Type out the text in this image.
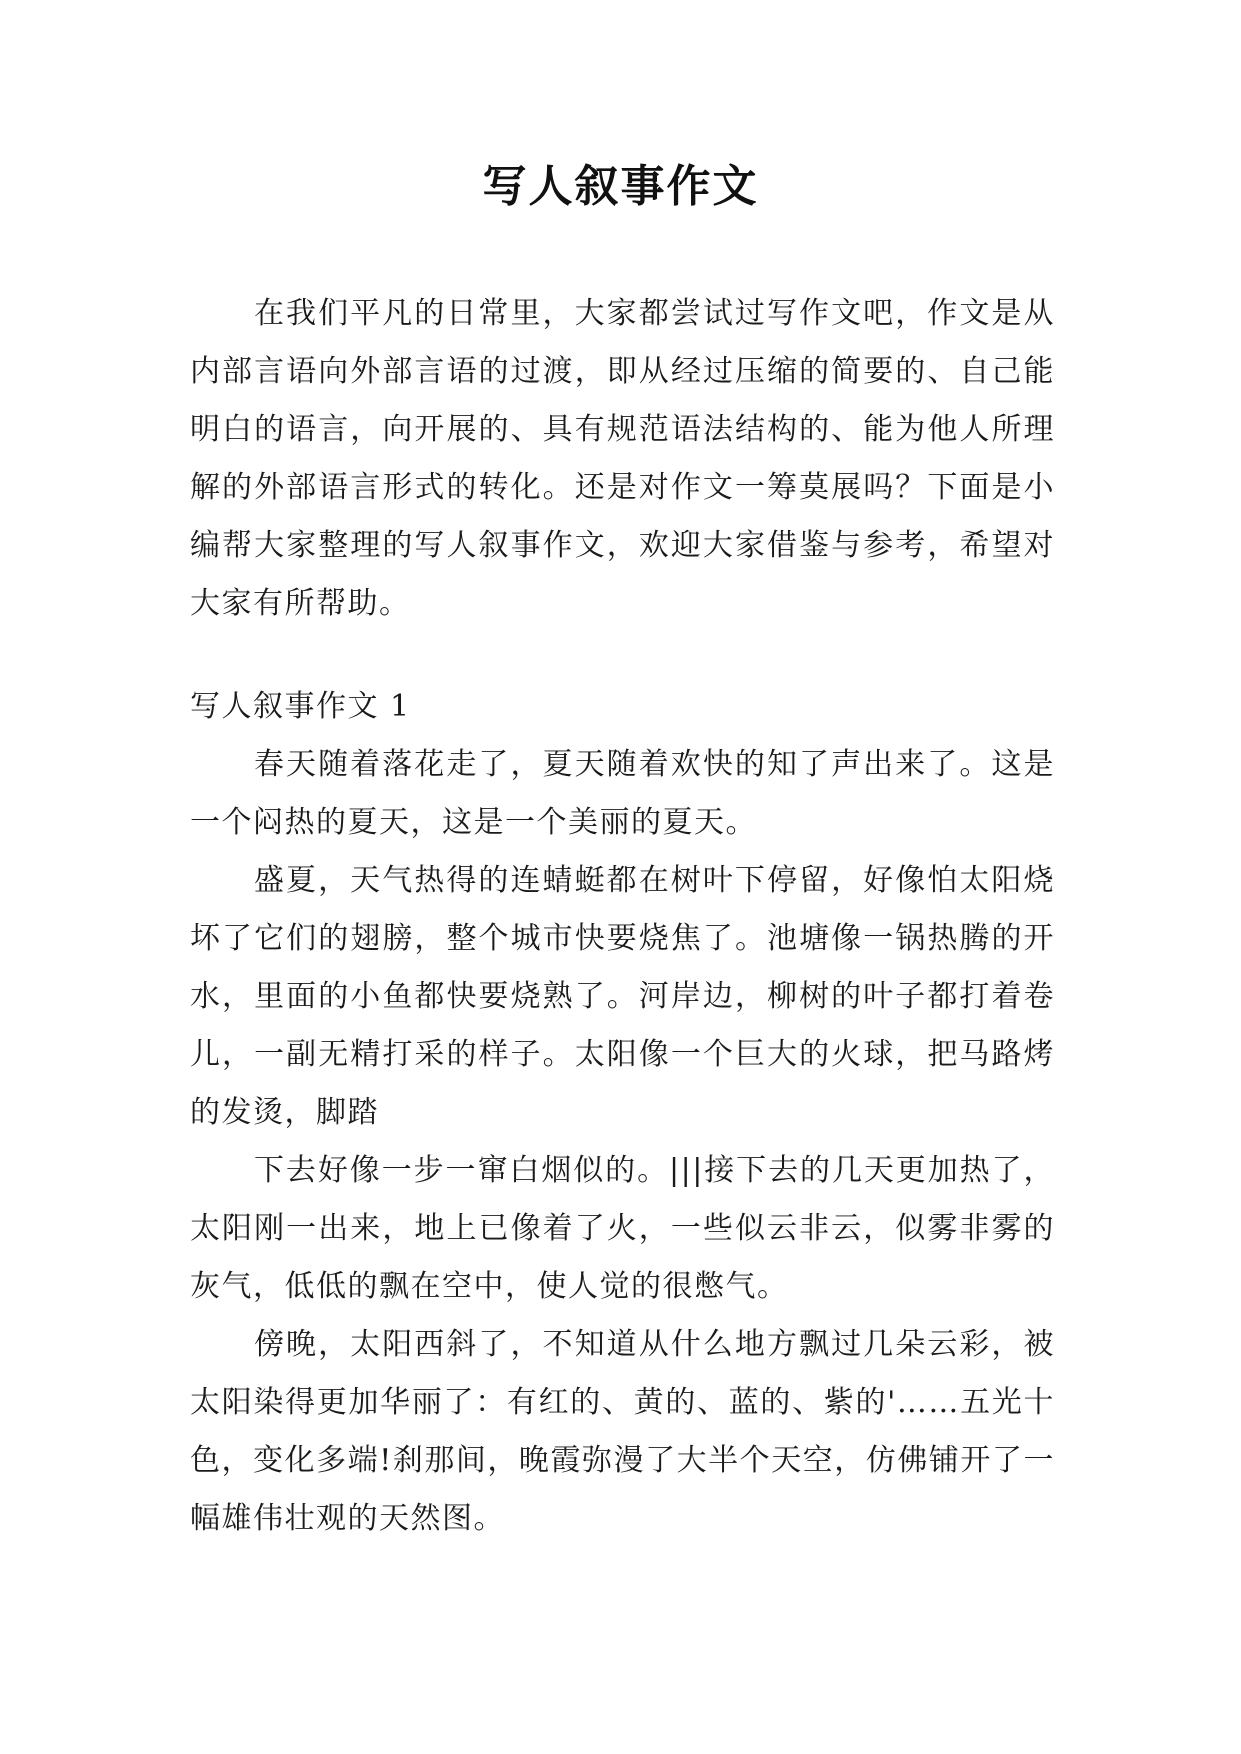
写人叙事作文

在我们平凡的日常里，大家都尝试过写作文吧，作文是从内部言语向外部言语的过渡，即从经过压缩的简要的、自己能明白的语言，向开展的、具有规范语法结构的、能为他人所理解的外部语言形式的转化。还是对作文一筹莫展吗？下面是小编帮大家整理的写人叙事作文，欢迎大家借鉴与参考，希望对大家有所帮助。

写人叙事作文 1

春天随着落花走了，夏天随着欢快的知了声出来了。这是一个闷热的夏天，这是一个美丽的夏天。

盛夏，天气热得的连蜻蜓都在树叶下停留，好像怕太阳烧坏了它们的翅膀，整个城市快要烧焦了。池塘像一锅热腾的开水，里面的小鱼都快要烧熟了。河岸边，柳树的叶子都打着卷儿，一副无精打采的样子。太阳像一个巨大的火球，把马路烤的发烫，脚踏

下去好像一步一窜白烟似的。|||接下去的几天更加热了，太阳刚一出来，地上已像着了火，一些似云非云，似雾非雾的灰气，低低的飘在空中，使人觉的很憋气。

傍晚，太阳西斜了，不知道从什么地方飘过几朵云彩，被太阳染得更加华丽了：有红的、黄的、蓝的、紫的'……五光十色，变化多端!刹那间，晚霞弥漫了大半个天空，仿佛铺开了一幅雄伟壮观的天然图。
